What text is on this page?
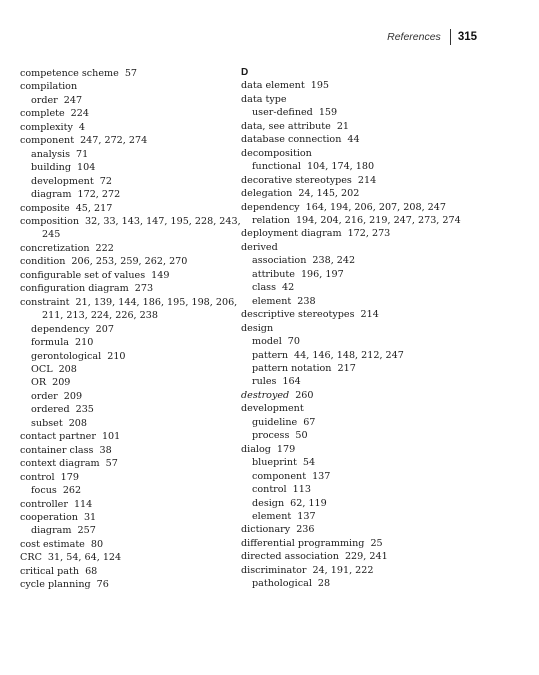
References 315
competence scheme 57
compilation
order 247
complete 224
complexity 4
component 247, 272, 274
analysis 71
building 104
development 72
diagram 172, 272
composite 45, 217
composition 32, 33, 143, 147, 195, 228, 243,
245
concretization 222
condition 206, 253, 259, 262, 270
configurable set of values 149
configuration diagram 273
constraint 21, 139, 144, 186, 195, 198, 206,
211, 213, 224, 226, 238
dependency 207
formula 210
gerontological 210
OCL 208
OR 209
order 209
ordered 235
subset 208
contact partner 101
container class 38
context diagram 57
control 179
focus 262
controller 114
cooperation 31
diagram 257
cost estimate 80
CRC 31, 54, 64, 124
critical path 68
cycle planning 76
D
data element 195
data type
user-defined 159
data, see attribute 21
database connection 44
decomposition
functional 104, 174, 180
decorative stereotypes 214
delegation 24, 145, 202
dependency 164, 194, 206, 207, 208, 247
relation 194, 204, 216, 219, 247, 273, 274
deployment diagram 172, 273
derived
association 238, 242
attribute 196, 197
class 42
element 238
descriptive stereotypes 214
design
model 70
pattern 44, 146, 148, 212, 247
pattern notation 217
rules 164
destroyed 260
development
guideline 67
process 50
dialog 179
blueprint 54
component 137
control 113
design 62, 119
element 137
dictionary 236
differential programming 25
directed association 229, 241
discriminator 24, 191, 222
pathological 28
